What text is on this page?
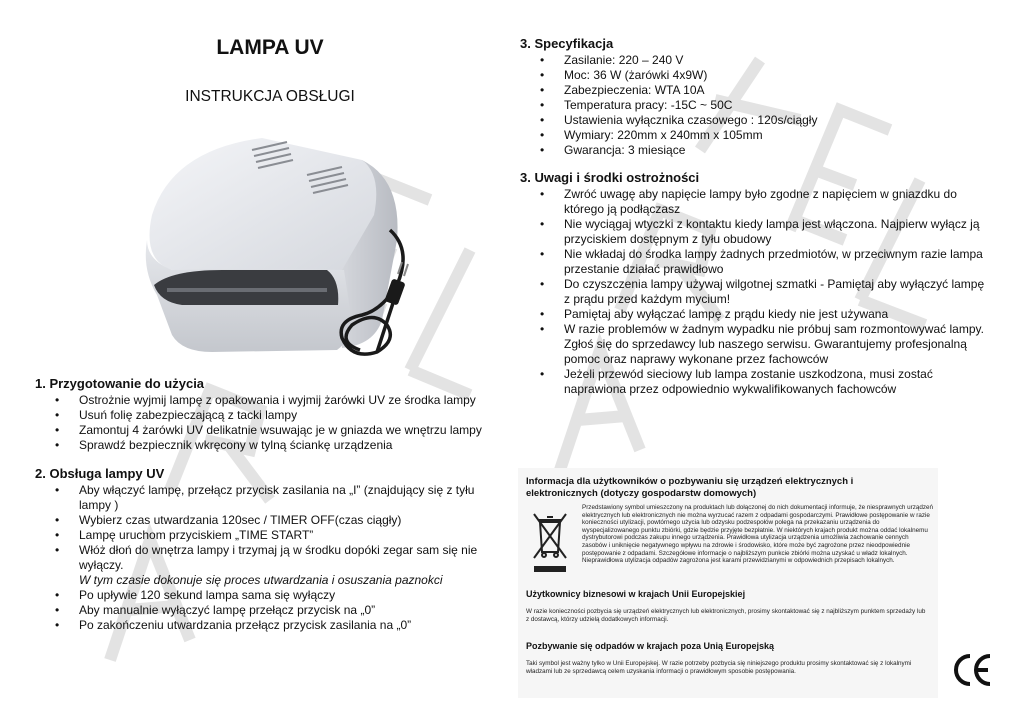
LAMPA UV
INSTRUKCJA OBSŁUGI

1. Przygotowanie do użycia

• Ostrożnie wyjmij lampę z opakowania i wyjmij żarówki UV ze środka lampy
• Usuń folię zabezpieczającą z tacki lampy
• Zamontuj 4 żarówki UV delikatnie wsuwając je w gniazda we wnętrzu lampy
• Sprawdź bezpiecznik wkręcony w tylną ściankę urządzenia

2. Obsługa lampy UV

• Aby włączyć lampę, przełącz przycisk zasilania na „I” (znajdujący się z tyłu lampy )
• Wybierz czas utwardzania 120sec / TIMER OFF(czas ciągły)
• Lampę uruchom przyciskiem „TIME START”
• Włóż dłoń do wnętrza lampy i trzymaj ją w środku dopóki zegar sam się nie wyłączy.
W tym czasie dokonuje się proces utwardzania i osuszania paznokci
• Po upływie 120 sekund lampa sama się wyłączy
• Aby manualnie wyłączyć lampę przełącz przycisk na „0”
• Po zakończeniu utwardzania przełącz przycisk zasilania na „0”

3. Specyfikacja

• Zasilanie: 220 – 240 V
• Moc: 36 W (żarówki 4x9W)
• Zabezpieczenia: WTA 10A
• Temperatura pracy: -15C ~ 50C
• Ustawienia wyłącznika czasowego : 120s/ciągły
• Wymiary: 220mm x 240mm x 105mm
• Gwarancja: 3 miesiące

3. Uwagi i środki ostrożności

• Zwróć uwagę aby napięcie lampy było zgodne z napięciem w gniazdku do którego ją podłączasz
• Nie wyciągaj wtyczki z kontaktu kiedy lampa jest włączona. Najpierw wyłącz ją przyciskiem dostępnym z tyłu obudowy
• Nie wkładaj do środka lampy żadnych przedmiotów, w przeciwnym razie lampa przestanie działać prawidłowo
• Do czyszczenia lampy używaj wilgotnej szmatki - Pamiętaj aby wyłączyć lampę z prądu przed każdym mycium!
• Pamiętaj aby wyłączać lampę z prądu kiedy nie jest używana
• W razie problemów w żadnym wypadku nie próbuj sam rozmontowywać lampy. Zgłoś się do sprzedawcy lub naszego serwisu. Gwarantujemy profesjonalną pomoc oraz naprawy wykonane przez fachowców
• Jeżeli przewód sieciowy lub lampa zostanie uszkodzona, musi zostać naprawiona przez odpowiednio wykwalifikowanych fachowców
Informacja dla użytkowników o pozbywaniu się urządzeń elektrycznych i elektronicznych (dotyczy gospodarstw domowych)
Przedstawiony symbol umieszczony na produktach lub dołączonej do nich dokumentacji informuje, że niesprawnych urządzeń elektrycznych lub elektronicznych nie można wyrzucać razem z odpadami gospodarczymi. Prawidłowe postępowanie w razie konieczności utylizacji, powtórnego użycia lub odzysku podzespołów polega na przekazaniu urządzenia do wyspecjalizowanego punktu zbiórki, gdzie będzie przyjęte bezpłatnie. W niektórych krajach produkt można oddać lokalnemu dystrybutorowi podczas zakupu innego urządzenia. Prawidłowa utylizacja urządzenia umożliwia zachowanie cennych zasobów i uniknięcie negatywnego wpływu na zdrowie i środowisko, które może być zagrożone przez nieodpowiednie postępowanie z odpadami. Szczegółowe informacje o najbliższym punkcie zbiórki można uzyskać u władz lokalnych. Nieprawidłowa utylizacja odpadów zagrożona jest karami przewidzianymi w odpowiednich przepisach lokalnych.
Użytkownicy biznesowi w krajach Unii Europejskiej
W razie konieczności pozbycia się urządzeń elektrycznych lub elektronicznych, prosimy skontaktować się z najbliższym punktem sprzedaży lub z dostawcą, którzy udzielą dodatkowych informacji.
Pozbywanie się odpadów w krajach poza Unią Europejską
Taki symbol jest ważny tylko w Unii Europejskej. W razie potrzeby pozbycia się niniejszego produktu prosimy skontaktować się z lokalnymi władzami lub ze sprzedawcą celem uzyskania informacji o prawidłowym sposobie postępowania.
